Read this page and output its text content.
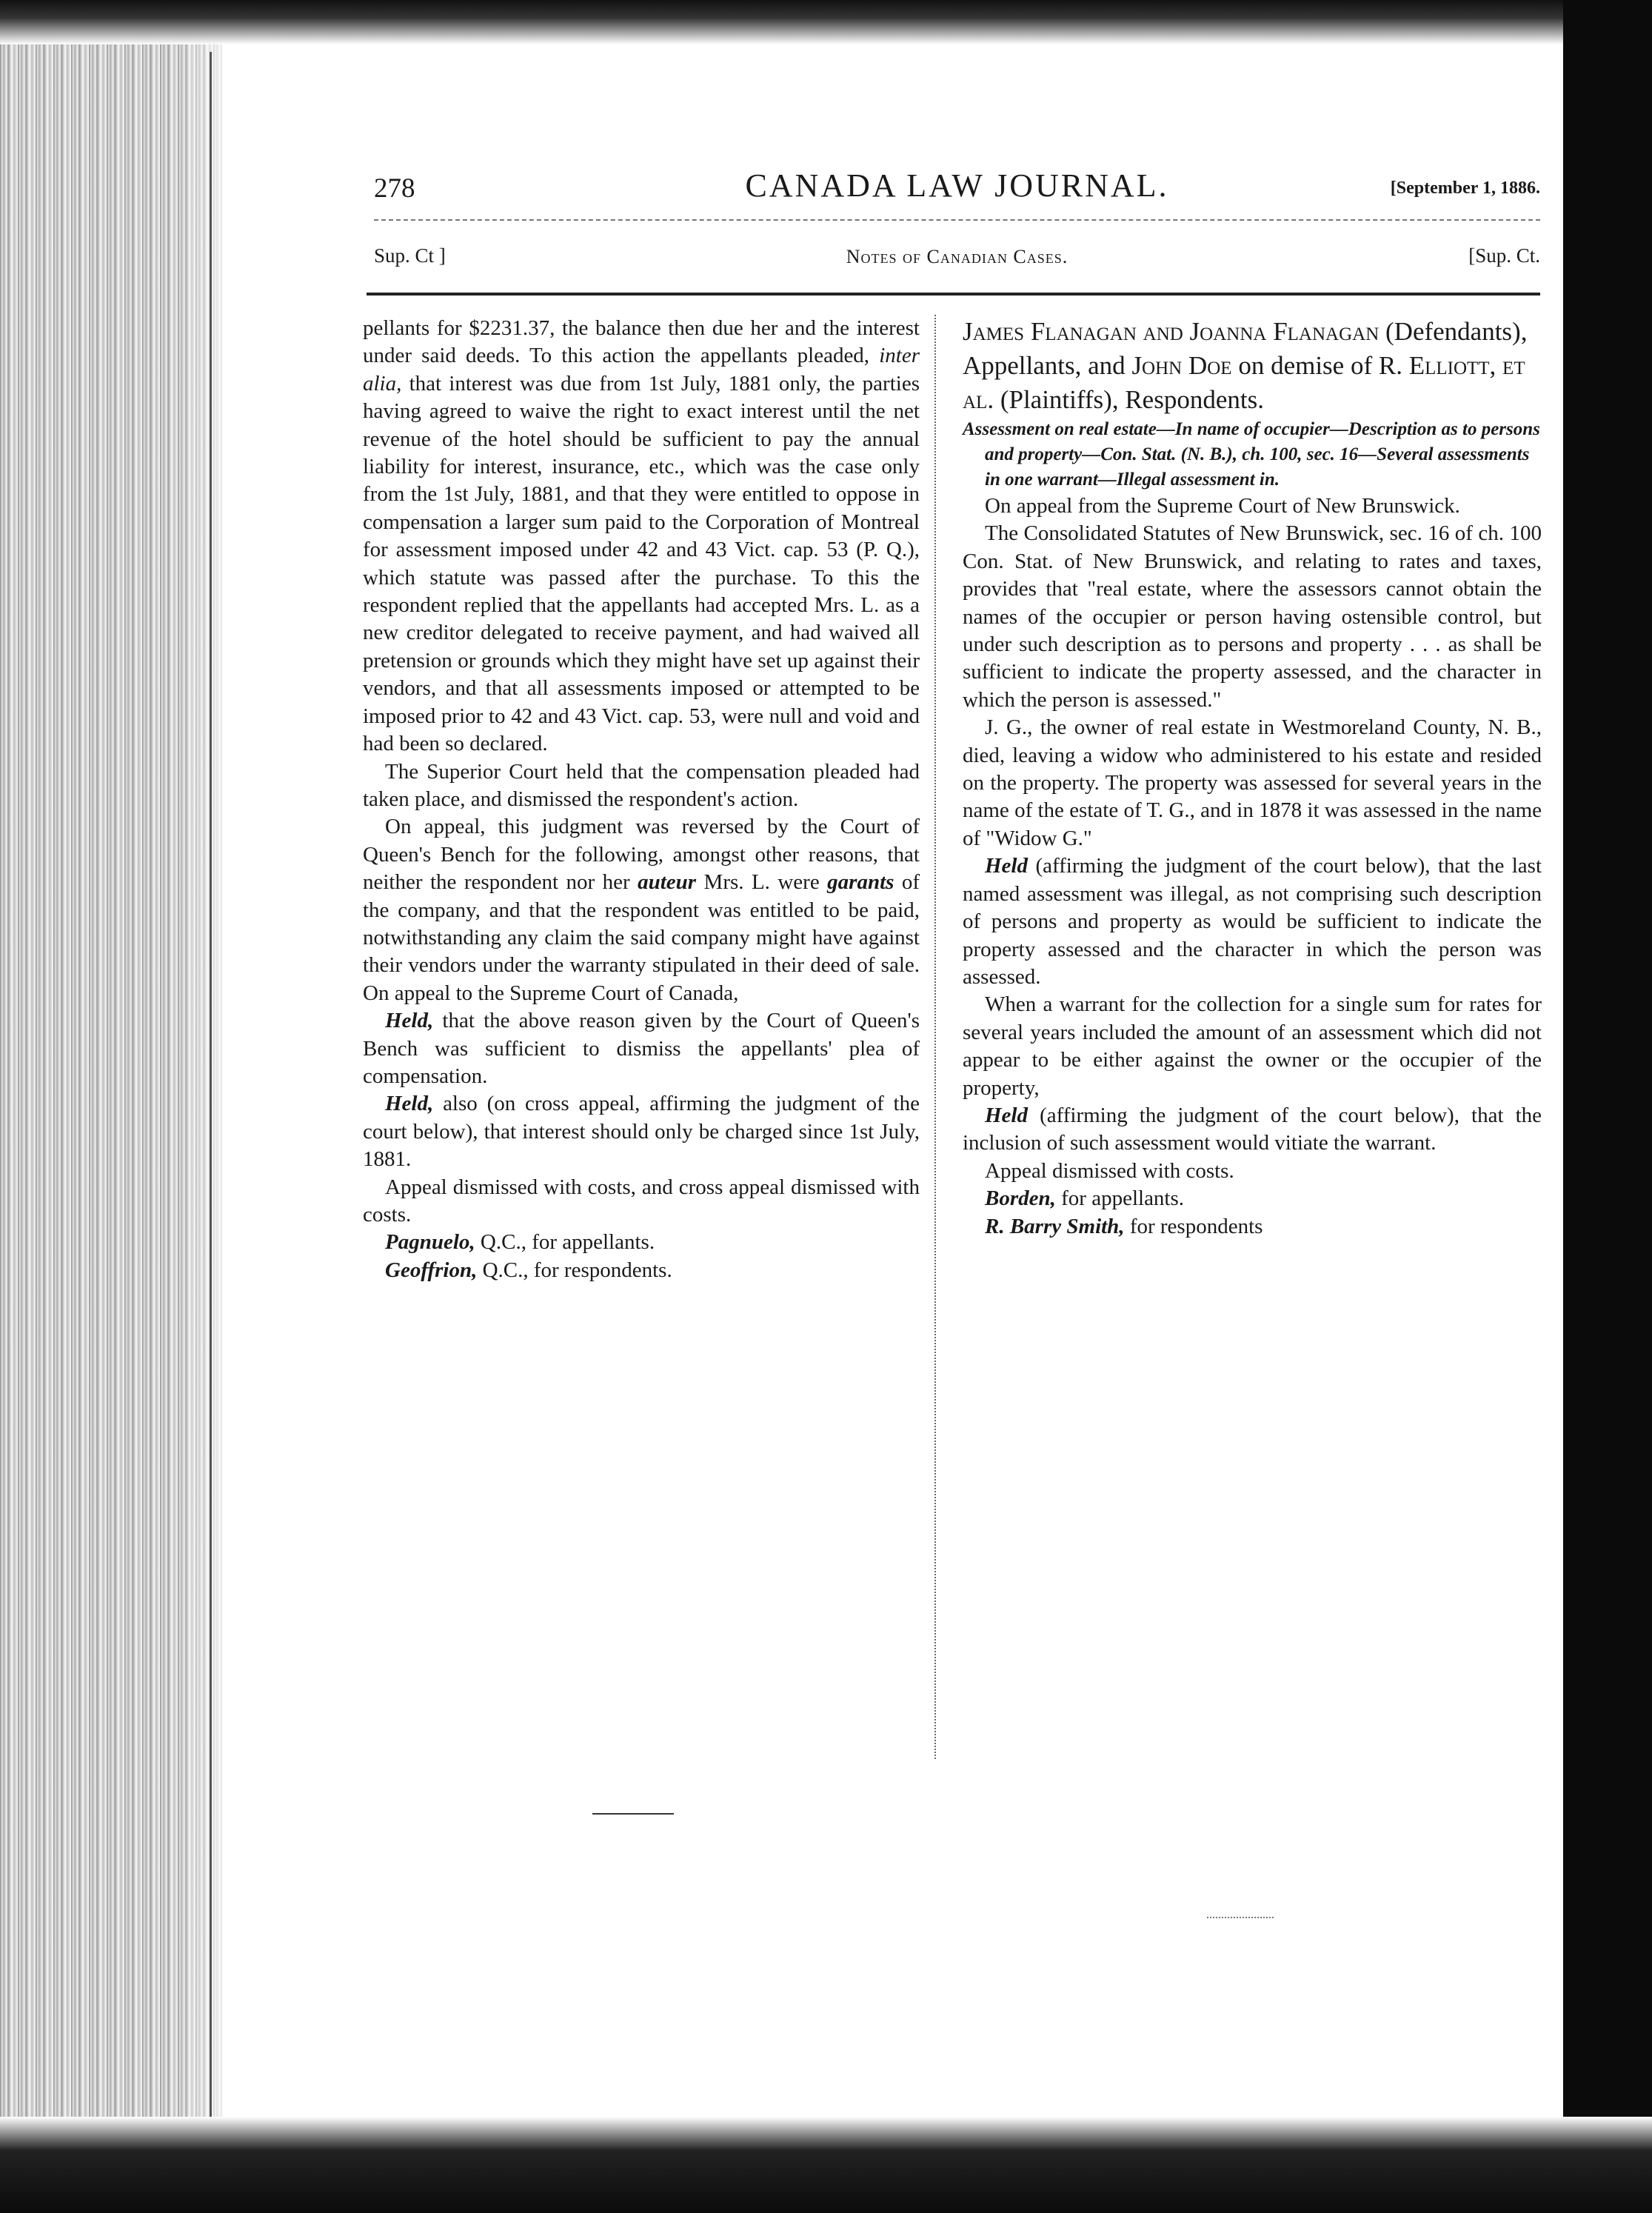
CANADA LAW JOURNAL.
278	[September 1, 1886.
Notes of Canadian Cases.
Sup. Ct ]	[Sup. Ct.

pellants for $2231.37, the balance then due her and the interest under said deeds. To this action the appellants pleaded, inter alia, that interest was due from 1st July, 1881 only, the parties having agreed to waive the right to exact interest until the net revenue of the hotel should be sufficient to pay the annual liability for interest, insurance, etc., which was the case only from the 1st July, 1881, and that they were entitled to oppose in compensation a larger sum paid to the Corporation of Montreal for assessment imposed under 42 and 43 Vict. cap. 53 (P. Q.), which statute was passed after the purchase. To this the respondent replied that the appellants had accepted Mrs. L. as a new creditor delegated to receive payment, and had waived all pretension or grounds which they might have set up against their vendors, and that all assessments imposed or attempted to be imposed prior to 42 and 43 Vict. cap. 53, were null and void and had been so declared.

The Superior Court held that the compensation pleaded had taken place, and dismissed the respondent's action.

On appeal, this judgment was reversed by the Court of Queen's Bench for the following, amongst other reasons, that neither the respondent nor her auteur Mrs. L. were garants of the company, and that the respondent was entitled to be paid, notwithstanding any claim the said company might have against their vendors under the warranty stipulated in their deed of sale. On appeal to the Supreme Court of Canada,

Held, that the above reason given by the Court of Queen's Bench was sufficient to dismiss the appellants' plea of compensation.

Held, also (on cross appeal, affirming the judgment of the court below), that interest should only be charged since 1st July, 1881.

Appeal dismissed with costs, and cross appeal dismissed with costs.

Pagnuelo, Q.C., for appellants.

Geoffrion, Q.C., for respondents.

James Flanagan and Joanna Flanagan (Defendants), Appellants, and John Doe on demise of R. Elliott, et al. (Plaintiffs), Respondents.

Assessment on real estate—In name of occupier—Description as to persons and property—Con. Stat. (N. B.), ch. 100, sec. 16—Several assessments in one warrant—Illegal assessment in.

On appeal from the Supreme Court of New Brunswick.

The Consolidated Statutes of New Brunswick, sec. 16 of ch. 100 Con. Stat. of New Brunswick, and relating to rates and taxes, provides that "real estate, where the assessors cannot obtain the names of the occupier or person having ostensible control, but under such description as to persons and property . . . as shall be sufficient to indicate the property assessed, and the character in which the person is assessed."

J. G., the owner of real estate in Westmoreland County, N. B., died, leaving a widow who administered to his estate and resided on the property. The property was assessed for several years in the name of the estate of T. G., and in 1878 it was assessed in the name of "Widow G."

Held (affirming the judgment of the court below), that the last named assessment was illegal, as not comprising such description of persons and property as would be sufficient to indicate the property assessed and the character in which the person was assessed.

When a warrant for the collection for a single sum for rates for several years included the amount of an assessment which did not appear to be either against the owner or the occupier of the property,

Held (affirming the judgment of the court below), that the inclusion of such assessment would vitiate the warrant.

Appeal dismissed with costs.

Borden, for appellants.

R. Barry Smith, for respondents
